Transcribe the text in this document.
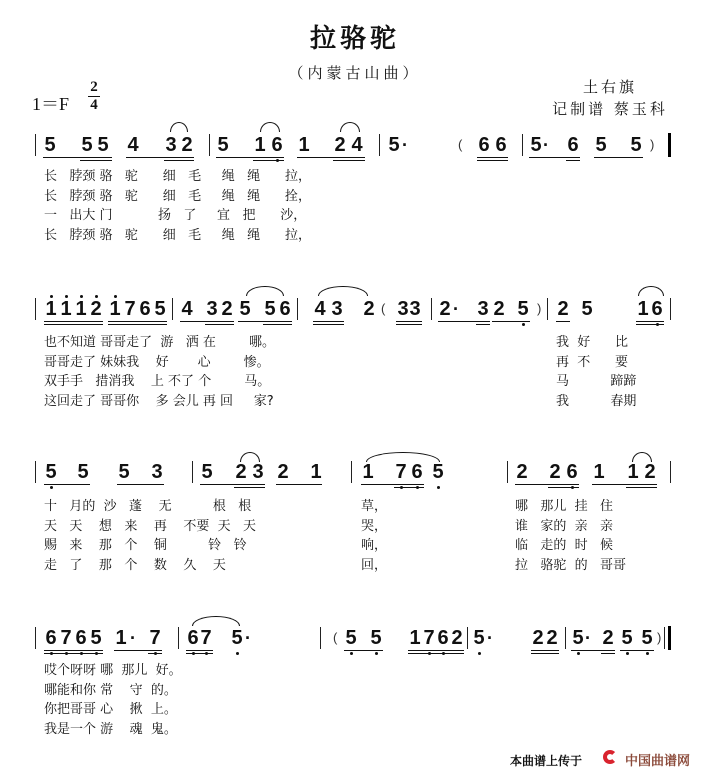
拉骆驼
（内蒙古山曲）
1＝F
2
4
土右旗
记制谱 蔡玉科
5 5 5 4 3 2 5 1 6 1 2 4 5 ·	( 6 6 5 · 6 5 5 )
长   脖颈 骆   驼      细   毛     绳   绳      拉，
长   脖颈 骆   驼      细   毛     绳   绳      拴，
一   出大 门           扬   了     宜   把      沙，
长   脖颈 骆   驼      细   毛     绳   绳      拉，
1 1 1 2 1 7 6 5 4 3 2 5 5 6 4 3 2 ( 3 3 2 · 3 2 5 ) 2 5 1 6
也不知道 哥哥走了  游   洒 在        哪。
哥哥走了 妹妹我    好       心        惨。
双手手   措消我    上 不了 个        马。
这回走了 哥哥你    多 会儿 再 回     家?
我  好      比
再  不      要
马          蹄蹄
我          春期
5 5 5 3 5 2 3 2 1 1 7 6 5	2 2 6 1 1 2
十   月的  沙   蓬    无          根   根
天   天    想   来    再    不要  天   天
赐   来    那   个    铜          铃   铃
走   了    那   个    数    久    天
草，
哭，
响，
回，
哪   那儿  挂   住
谁   家的  亲   亲
临   走的  时   候
拉   骆驼  的   哥哥
6 7 6 5 1 · 7 6 7 5 ·	( 5 5 1 7 6 2 5 · 2 2 5 · 2 5 5 )
哎个呀呀 哪  那儿  好。
哪能和你 常    守  的。
你把哥哥 心    揪  上。
我是一个 游    魂  鬼。
本曲谱上传于	中国曲谱网
